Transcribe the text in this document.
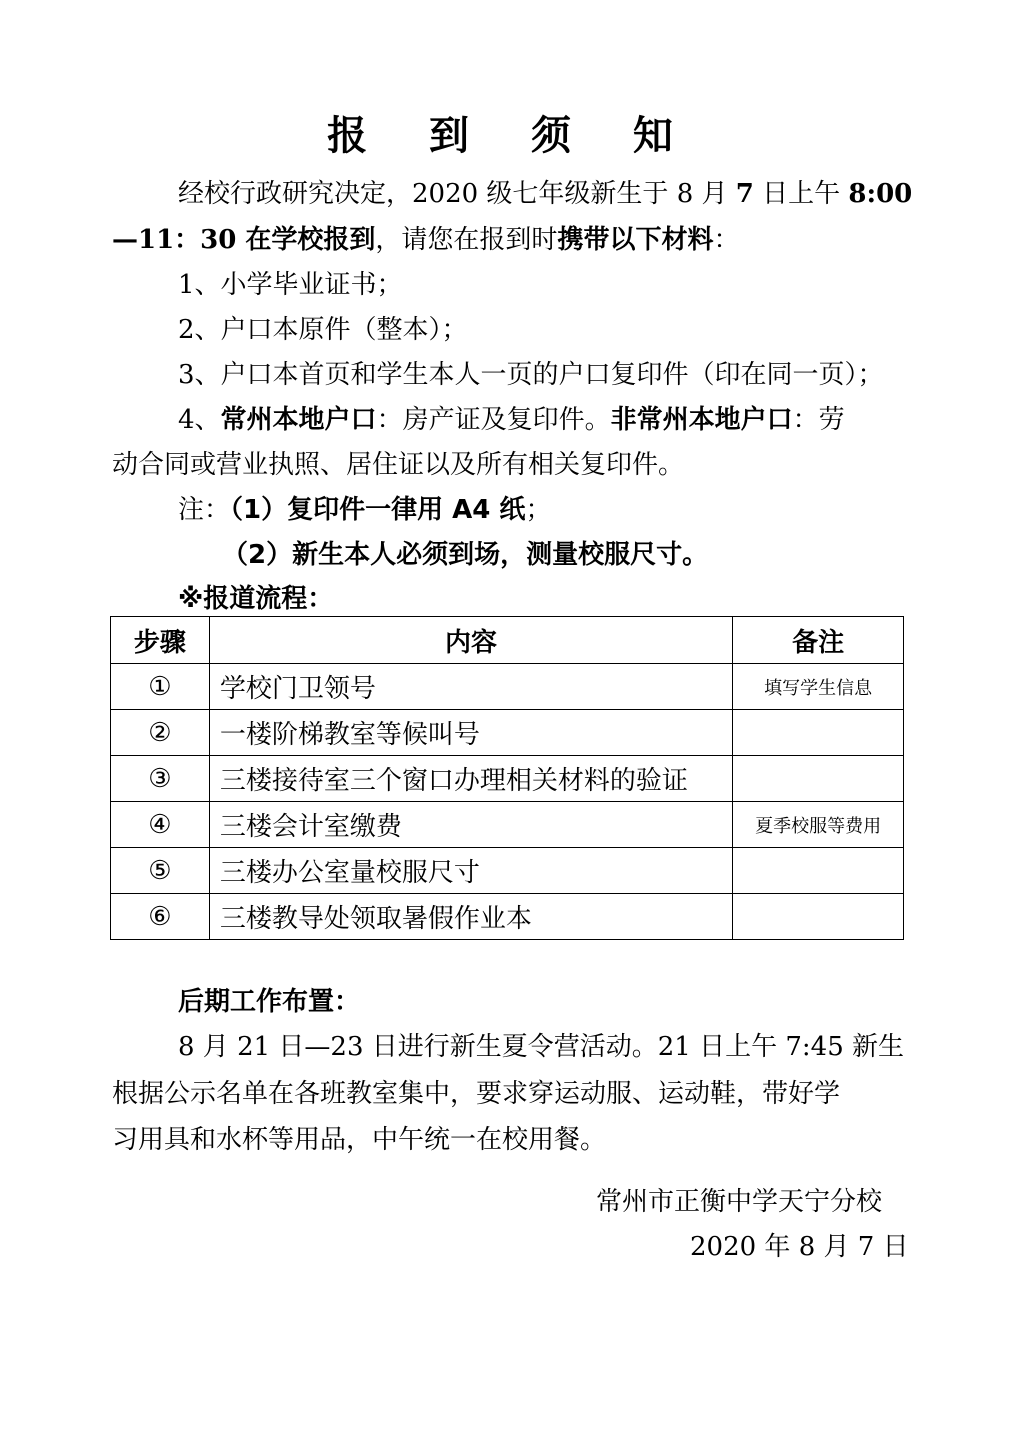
报 到 须 知
经校行政研究决定，2020 级七年级新生于 8 月 7 日上午 8:00
—11：30 在学校报到，请您在报到时携带以下材料：
1、小学毕业证书；
2、户口本原件（整本）；
3、户口本首页和学生本人一页的户口复印件（印在同一页）；
4、常州本地户口：房产证及复印件。非常州本地户口：劳
动合同或营业执照、居住证以及所有相关复印件。
注：（1）复印件一律用 A4 纸；
（2）新生本人必须到场，测量校服尺寸。
※报道流程：
步骤	内容	备注
①	学校门卫领号	填写学生信息
②	一楼阶梯教室等候叫号	
③	三楼接待室三个窗口办理相关材料的验证	
④	三楼会计室缴费	夏季校服等费用
⑤	三楼办公室量校服尺寸	
⑥	三楼教导处领取暑假作业本	
后期工作布置：
8 月 21 日—23 日进行新生夏令营活动。21 日上午 7:45 新生
根据公示名单在各班教室集中，要求穿运动服、运动鞋，带好学
习用具和水杯等用品，中午统一在校用餐。
常州市正衡中学天宁分校
2020 年 8 月 7 日
